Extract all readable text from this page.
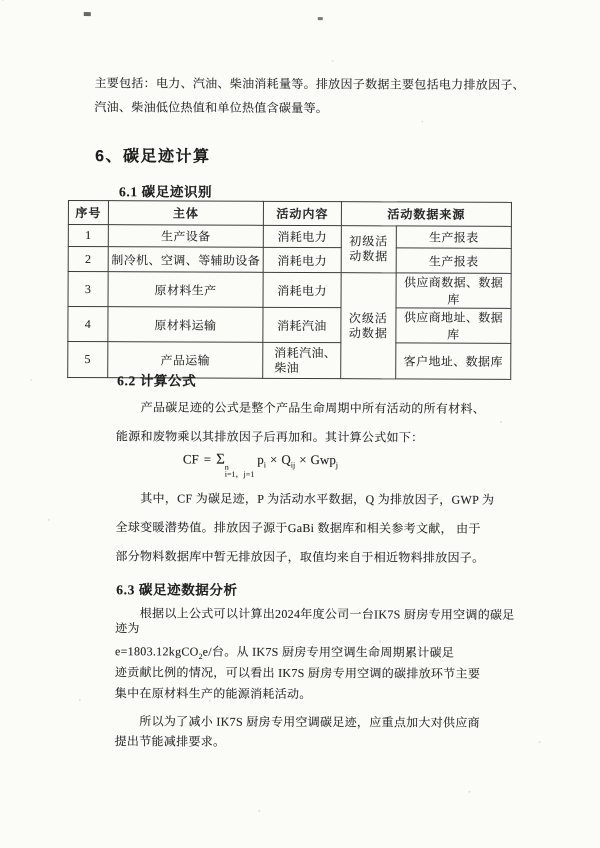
主要包括：电力、汽油、柴油消耗量等。排放因子数据主要包括电力排放因子、
汽油、柴油低位热值和单位热值含碳量等。
6、碳足迹计算
6.1 碳足迹识别
序号	主体	活动内容	活动数据来源	
1	生产设备	消耗电力	初级活动数据	生产报表
2	制冷机、空调、等辅助设备	消耗电力		生产报表
3	原材料生产	消耗电力	次级活动数据	供应商数据、数据库
4	原材料运输	消耗汽油		供应商地址、数据库
5	产品运输	消耗汽油、柴油		客户地址、数据库
6.2 计算公式
　　产品碳足迹的公式是整个产品生命周期中所有活动的所有材料、
能源和废物乘以其排放因子后再加和。其计算公式如下：
CF = Σ n
i=1，j=1
$p_i \times Q_{ij} \times Gwp_j$
　　其中，CF 为碳足迹，P 为活动水平数据，Q 为排放因子，GWP 为
全球变暖潜势值。排放因子源于GaBi 数据库和相关参考文献， 由于
部分物料数据库中暂无排放因子，取值均来自于相近物料排放因子。
6.3 碳足迹数据分析
　　根据以上公式可以计算出2024年度公司一台IK7S 厨房专用空调的碳足
迹为
e=1803.12kgCO$_2$e/台。从 IK7S 厨房专用空调生命周期累计碳足
迹贡献比例的情况，可以看出 IK7S 厨房专用空调的碳排放环节主要
集中在原材料生产的能源消耗活动。
　　所以为了减小 IK7S 厨房专用空调碳足迹，应重点加大对供应商
提出节能减排要求。
